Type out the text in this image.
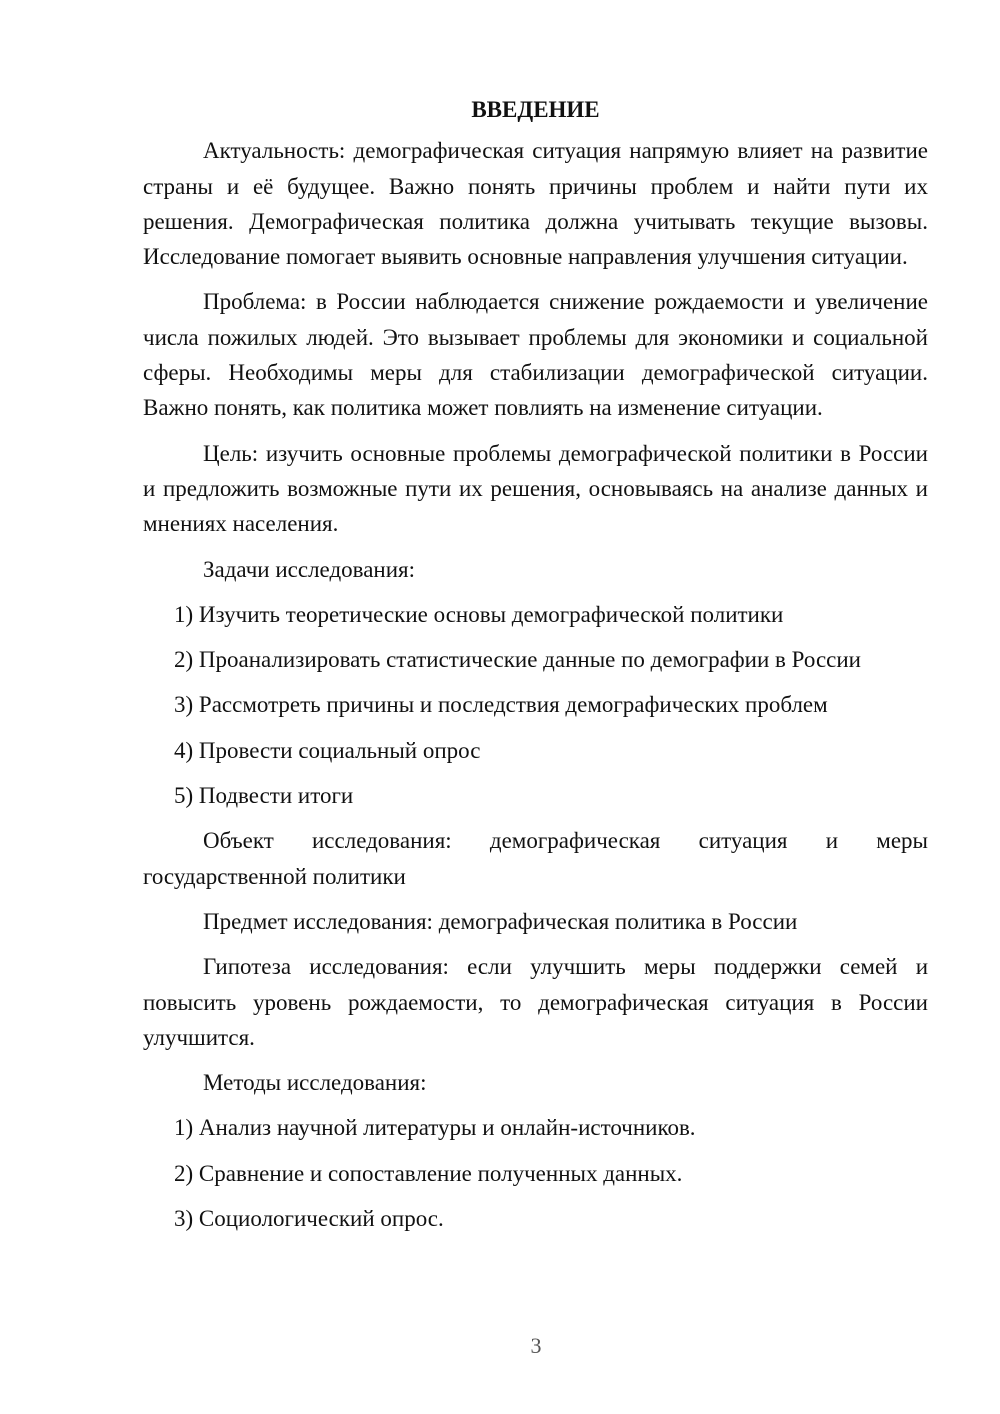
ВВЕДЕНИЕ
Актуальность: демографическая ситуация напрямую влияет на развитие страны и её будущее. Важно понять причины проблем и найти пути их решения. Демографическая политика должна учитывать текущие вызовы. Исследование помогает выявить основные направления улучшения ситуации.
Проблема: в России наблюдается снижение рождаемости и увеличение числа пожилых людей. Это вызывает проблемы для экономики и социальной сферы. Необходимы меры для стабилизации демографической ситуации. Важно понять, как политика может повлиять на изменение ситуации.
Цель: изучить основные проблемы демографической политики в России и предложить возможные пути их решения, основываясь на анализе данных и мнениях населения.
Задачи исследования:
1) Изучить теоретические основы демографической политики
2) Проанализировать статистические данные по демографии в России
3) Рассмотреть причины и последствия демографических проблем
4) Провести социальный опрос
5) Подвести итоги
Объект исследования: демографическая ситуация и меры государственной политики
Предмет исследования: демографическая политика в России
Гипотеза исследования: если улучшить меры поддержки семей и повысить уровень рождаемости, то демографическая ситуация в России улучшится.
Методы исследования:
1) Анализ научной литературы и онлайн-источников.
2) Сравнение и сопоставление полученных данных.
3) Социологический опрос.
3
